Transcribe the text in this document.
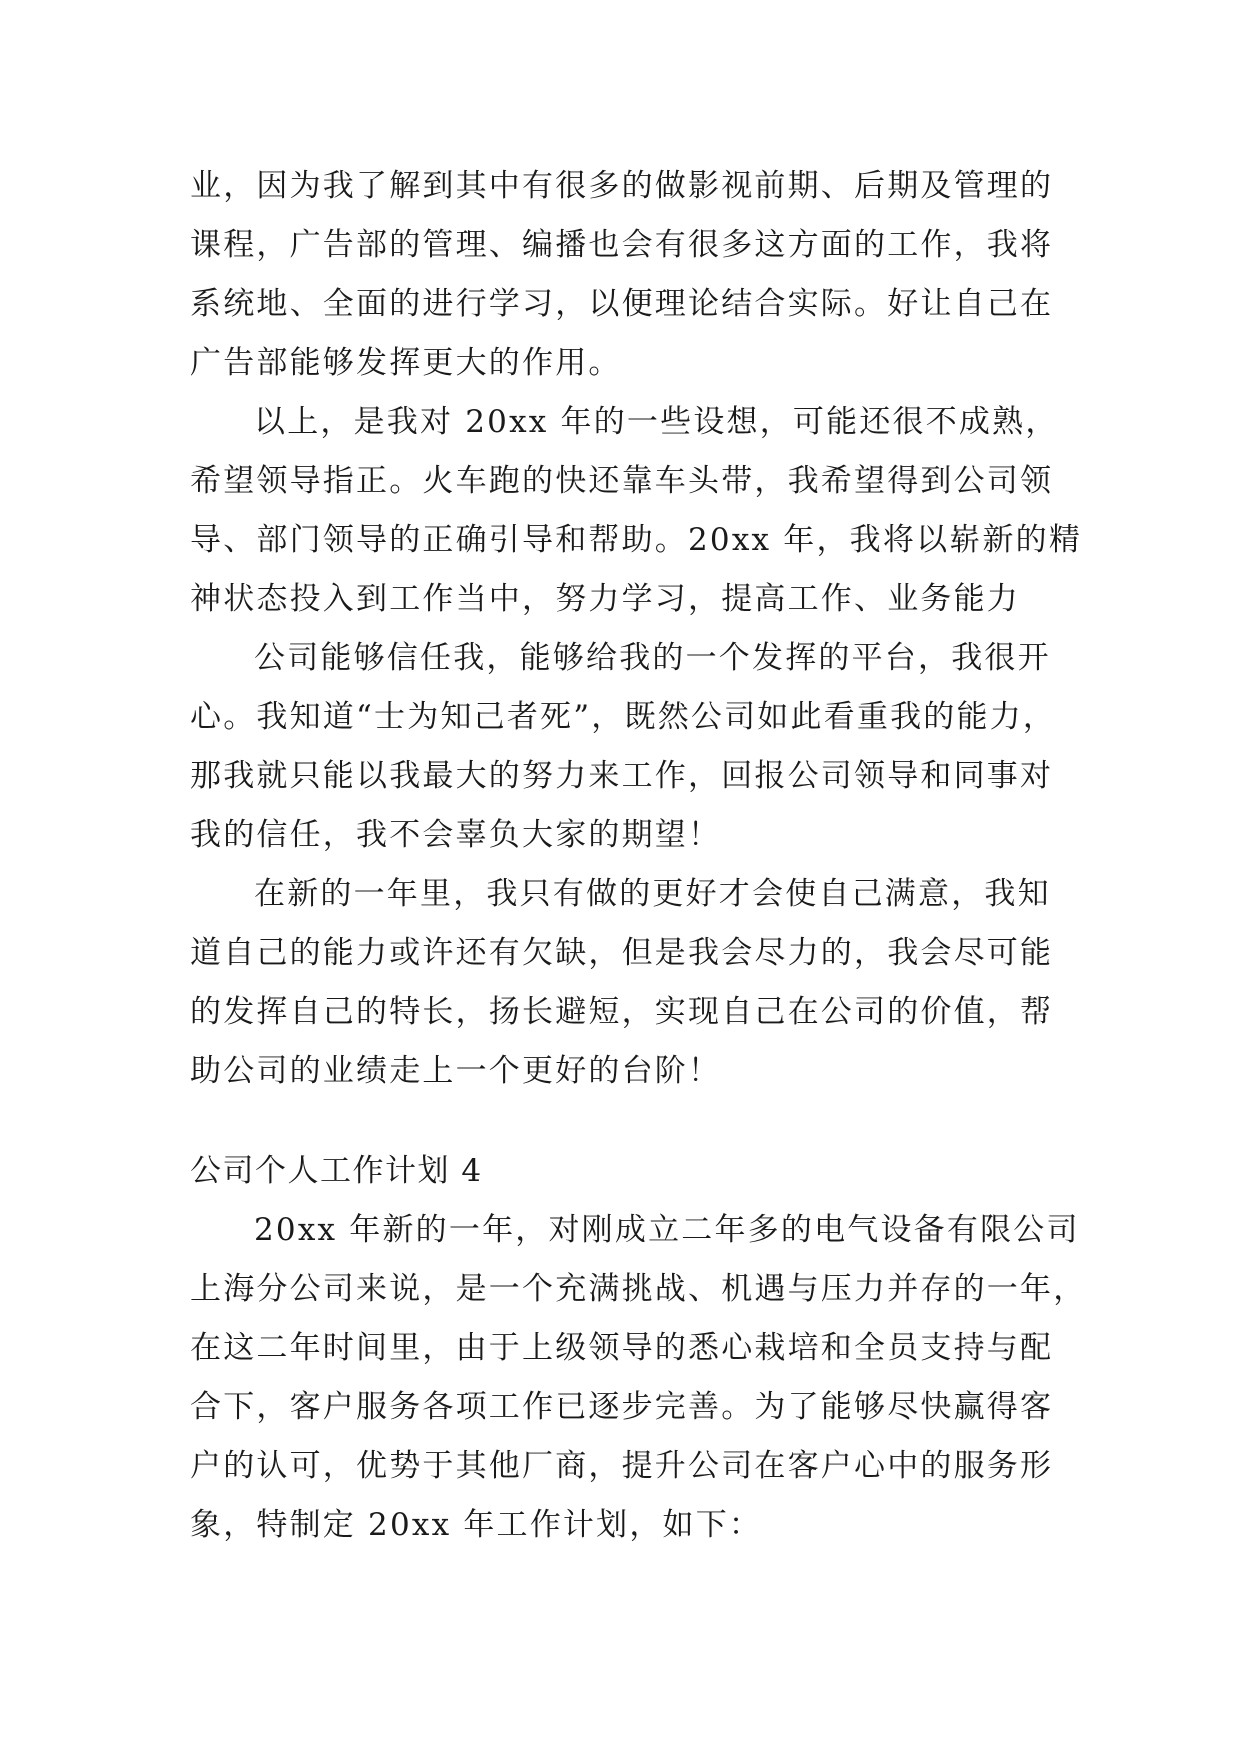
业，因为我了解到其中有很多的做影视前期、后期及管理的
课程，广告部的管理、编播也会有很多这方面的工作，我将
系统地、全面的进行学习，以便理论结合实际。好让自己在
广告部能够发挥更大的作用。
以上，是我对 20xx 年的一些设想，可能还很不成熟，
希望领导指正。火车跑的快还靠车头带，我希望得到公司领
导、部门领导的正确引导和帮助。20xx 年，我将以崭新的精
神状态投入到工作当中，努力学习，提高工作、业务能力
公司能够信任我，能够给我的一个发挥的平台，我很开
心。我知道“士为知己者死”，既然公司如此看重我的能力，
那我就只能以我最大的努力来工作，回报公司领导和同事对
我的信任，我不会辜负大家的期望！
在新的一年里，我只有做的更好才会使自己满意，我知
道自己的能力或许还有欠缺，但是我会尽力的，我会尽可能
的发挥自己的特长，扬长避短，实现自己在公司的价值，帮
助公司的业绩走上一个更好的台阶！
公司个人工作计划 4
20xx 年新的一年，对刚成立二年多的电气设备有限公司
上海分公司来说，是一个充满挑战、机遇与压力并存的一年，
在这二年时间里，由于上级领导的悉心栽培和全员支持与配
合下，客户服务各项工作已逐步完善。为了能够尽快赢得客
户的认可，优势于其他厂商，提升公司在客户心中的服务形
象，特制定 20xx 年工作计划，如下：
